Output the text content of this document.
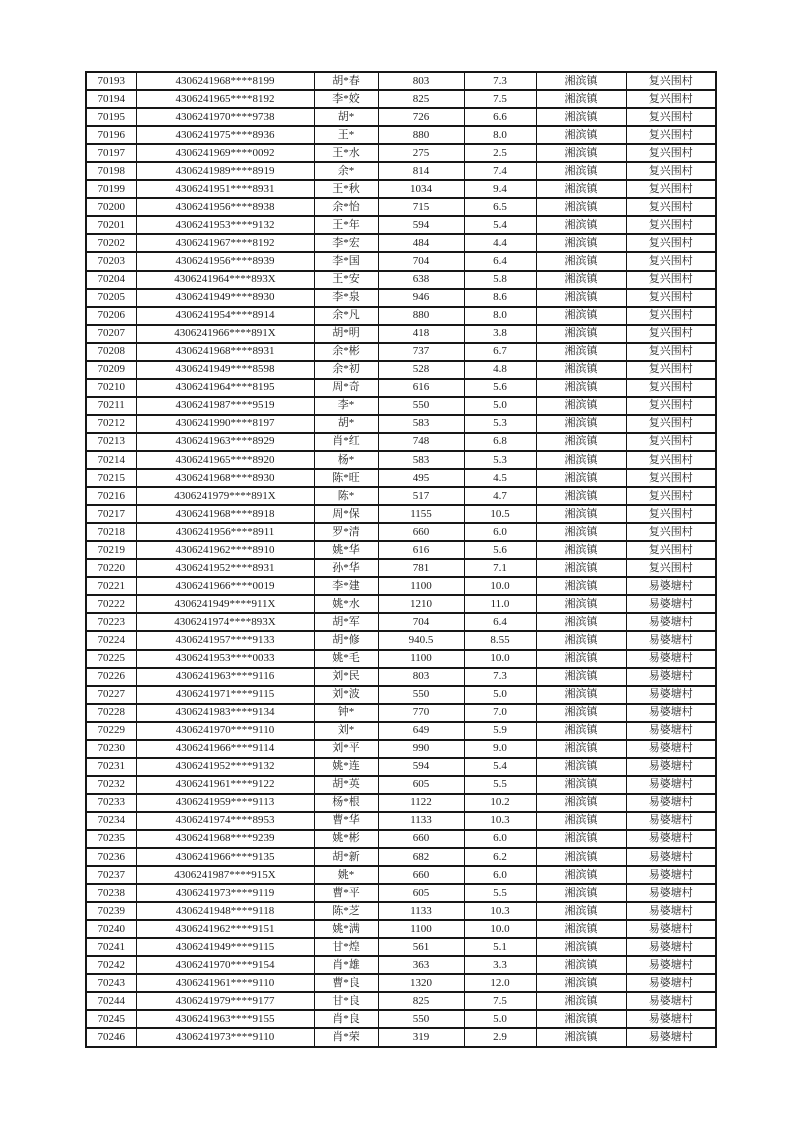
70193	4306241968****8199	胡*春	803	7.3	湘滨镇	复兴围村
70194	4306241965****8192	李*姣	825	7.5	湘滨镇	复兴围村
70195	4306241970****9738	胡*	726	6.6	湘滨镇	复兴围村
70196	4306241975****8936	王*	880	8.0	湘滨镇	复兴围村
70197	4306241969****0092	王*水	275	2.5	湘滨镇	复兴围村
70198	4306241989****8919	余*	814	7.4	湘滨镇	复兴围村
70199	4306241951****8931	王*秋	1034	9.4	湘滨镇	复兴围村
70200	4306241956****8938	余*怡	715	6.5	湘滨镇	复兴围村
70201	4306241953****9132	王*年	594	5.4	湘滨镇	复兴围村
70202	4306241967****8192	李*宏	484	4.4	湘滨镇	复兴围村
70203	4306241956****8939	李*国	704	6.4	湘滨镇	复兴围村
70204	4306241964****893X	王*安	638	5.8	湘滨镇	复兴围村
70205	4306241949****8930	李*泉	946	8.6	湘滨镇	复兴围村
70206	4306241954****8914	余*凡	880	8.0	湘滨镇	复兴围村
70207	4306241966****891X	胡*明	418	3.8	湘滨镇	复兴围村
70208	4306241968****8931	余*彬	737	6.7	湘滨镇	复兴围村
70209	4306241949****8598	余*初	528	4.8	湘滨镇	复兴围村
70210	4306241964****8195	周*奇	616	5.6	湘滨镇	复兴围村
70211	4306241987****9519	李*	550	5.0	湘滨镇	复兴围村
70212	4306241990****8197	胡*	583	5.3	湘滨镇	复兴围村
70213	4306241963****8929	肖*红	748	6.8	湘滨镇	复兴围村
70214	4306241965****8920	杨*	583	5.3	湘滨镇	复兴围村
70215	4306241968****8930	陈*旺	495	4.5	湘滨镇	复兴围村
70216	4306241979****891X	陈*	517	4.7	湘滨镇	复兴围村
70217	4306241968****8918	周*保	1155	10.5	湘滨镇	复兴围村
70218	4306241956****8911	罗*清	660	6.0	湘滨镇	复兴围村
70219	4306241962****8910	姚*华	616	5.6	湘滨镇	复兴围村
70220	4306241952****8931	孙*华	781	7.1	湘滨镇	复兴围村
70221	4306241966****0019	李*建	1100	10.0	湘滨镇	易婆塘村
70222	4306241949****911X	姚*水	1210	11.0	湘滨镇	易婆塘村
70223	4306241974****893X	胡*军	704	6.4	湘滨镇	易婆塘村
70224	4306241957****9133	胡*修	940.5	8.55	湘滨镇	易婆塘村
70225	4306241953****0033	姚*毛	1100	10.0	湘滨镇	易婆塘村
70226	4306241963****9116	刘*民	803	7.3	湘滨镇	易婆塘村
70227	4306241971****9115	刘*波	550	5.0	湘滨镇	易婆塘村
70228	4306241983****9134	钟*	770	7.0	湘滨镇	易婆塘村
70229	4306241970****9110	刘*	649	5.9	湘滨镇	易婆塘村
70230	4306241966****9114	刘*平	990	9.0	湘滨镇	易婆塘村
70231	4306241952****9132	姚*连	594	5.4	湘滨镇	易婆塘村
70232	4306241961****9122	胡*英	605	5.5	湘滨镇	易婆塘村
70233	4306241959****9113	杨*根	1122	10.2	湘滨镇	易婆塘村
70234	4306241974****8953	曹*华	1133	10.3	湘滨镇	易婆塘村
70235	4306241968****9239	姚*彬	660	6.0	湘滨镇	易婆塘村
70236	4306241966****9135	胡*新	682	6.2	湘滨镇	易婆塘村
70237	4306241987****915X	姚*	660	6.0	湘滨镇	易婆塘村
70238	4306241973****9119	曹*平	605	5.5	湘滨镇	易婆塘村
70239	4306241948****9118	陈*芝	1133	10.3	湘滨镇	易婆塘村
70240	4306241962****9151	姚*满	1100	10.0	湘滨镇	易婆塘村
70241	4306241949****9115	甘*煌	561	5.1	湘滨镇	易婆塘村
70242	4306241970****9154	肖*雄	363	3.3	湘滨镇	易婆塘村
70243	4306241961****9110	曹*良	1320	12.0	湘滨镇	易婆塘村
70244	4306241979****9177	甘*良	825	7.5	湘滨镇	易婆塘村
70245	4306241963****9155	肖*良	550	5.0	湘滨镇	易婆塘村
70246	4306241973****9110	肖*荣	319	2.9	湘滨镇	易婆塘村
